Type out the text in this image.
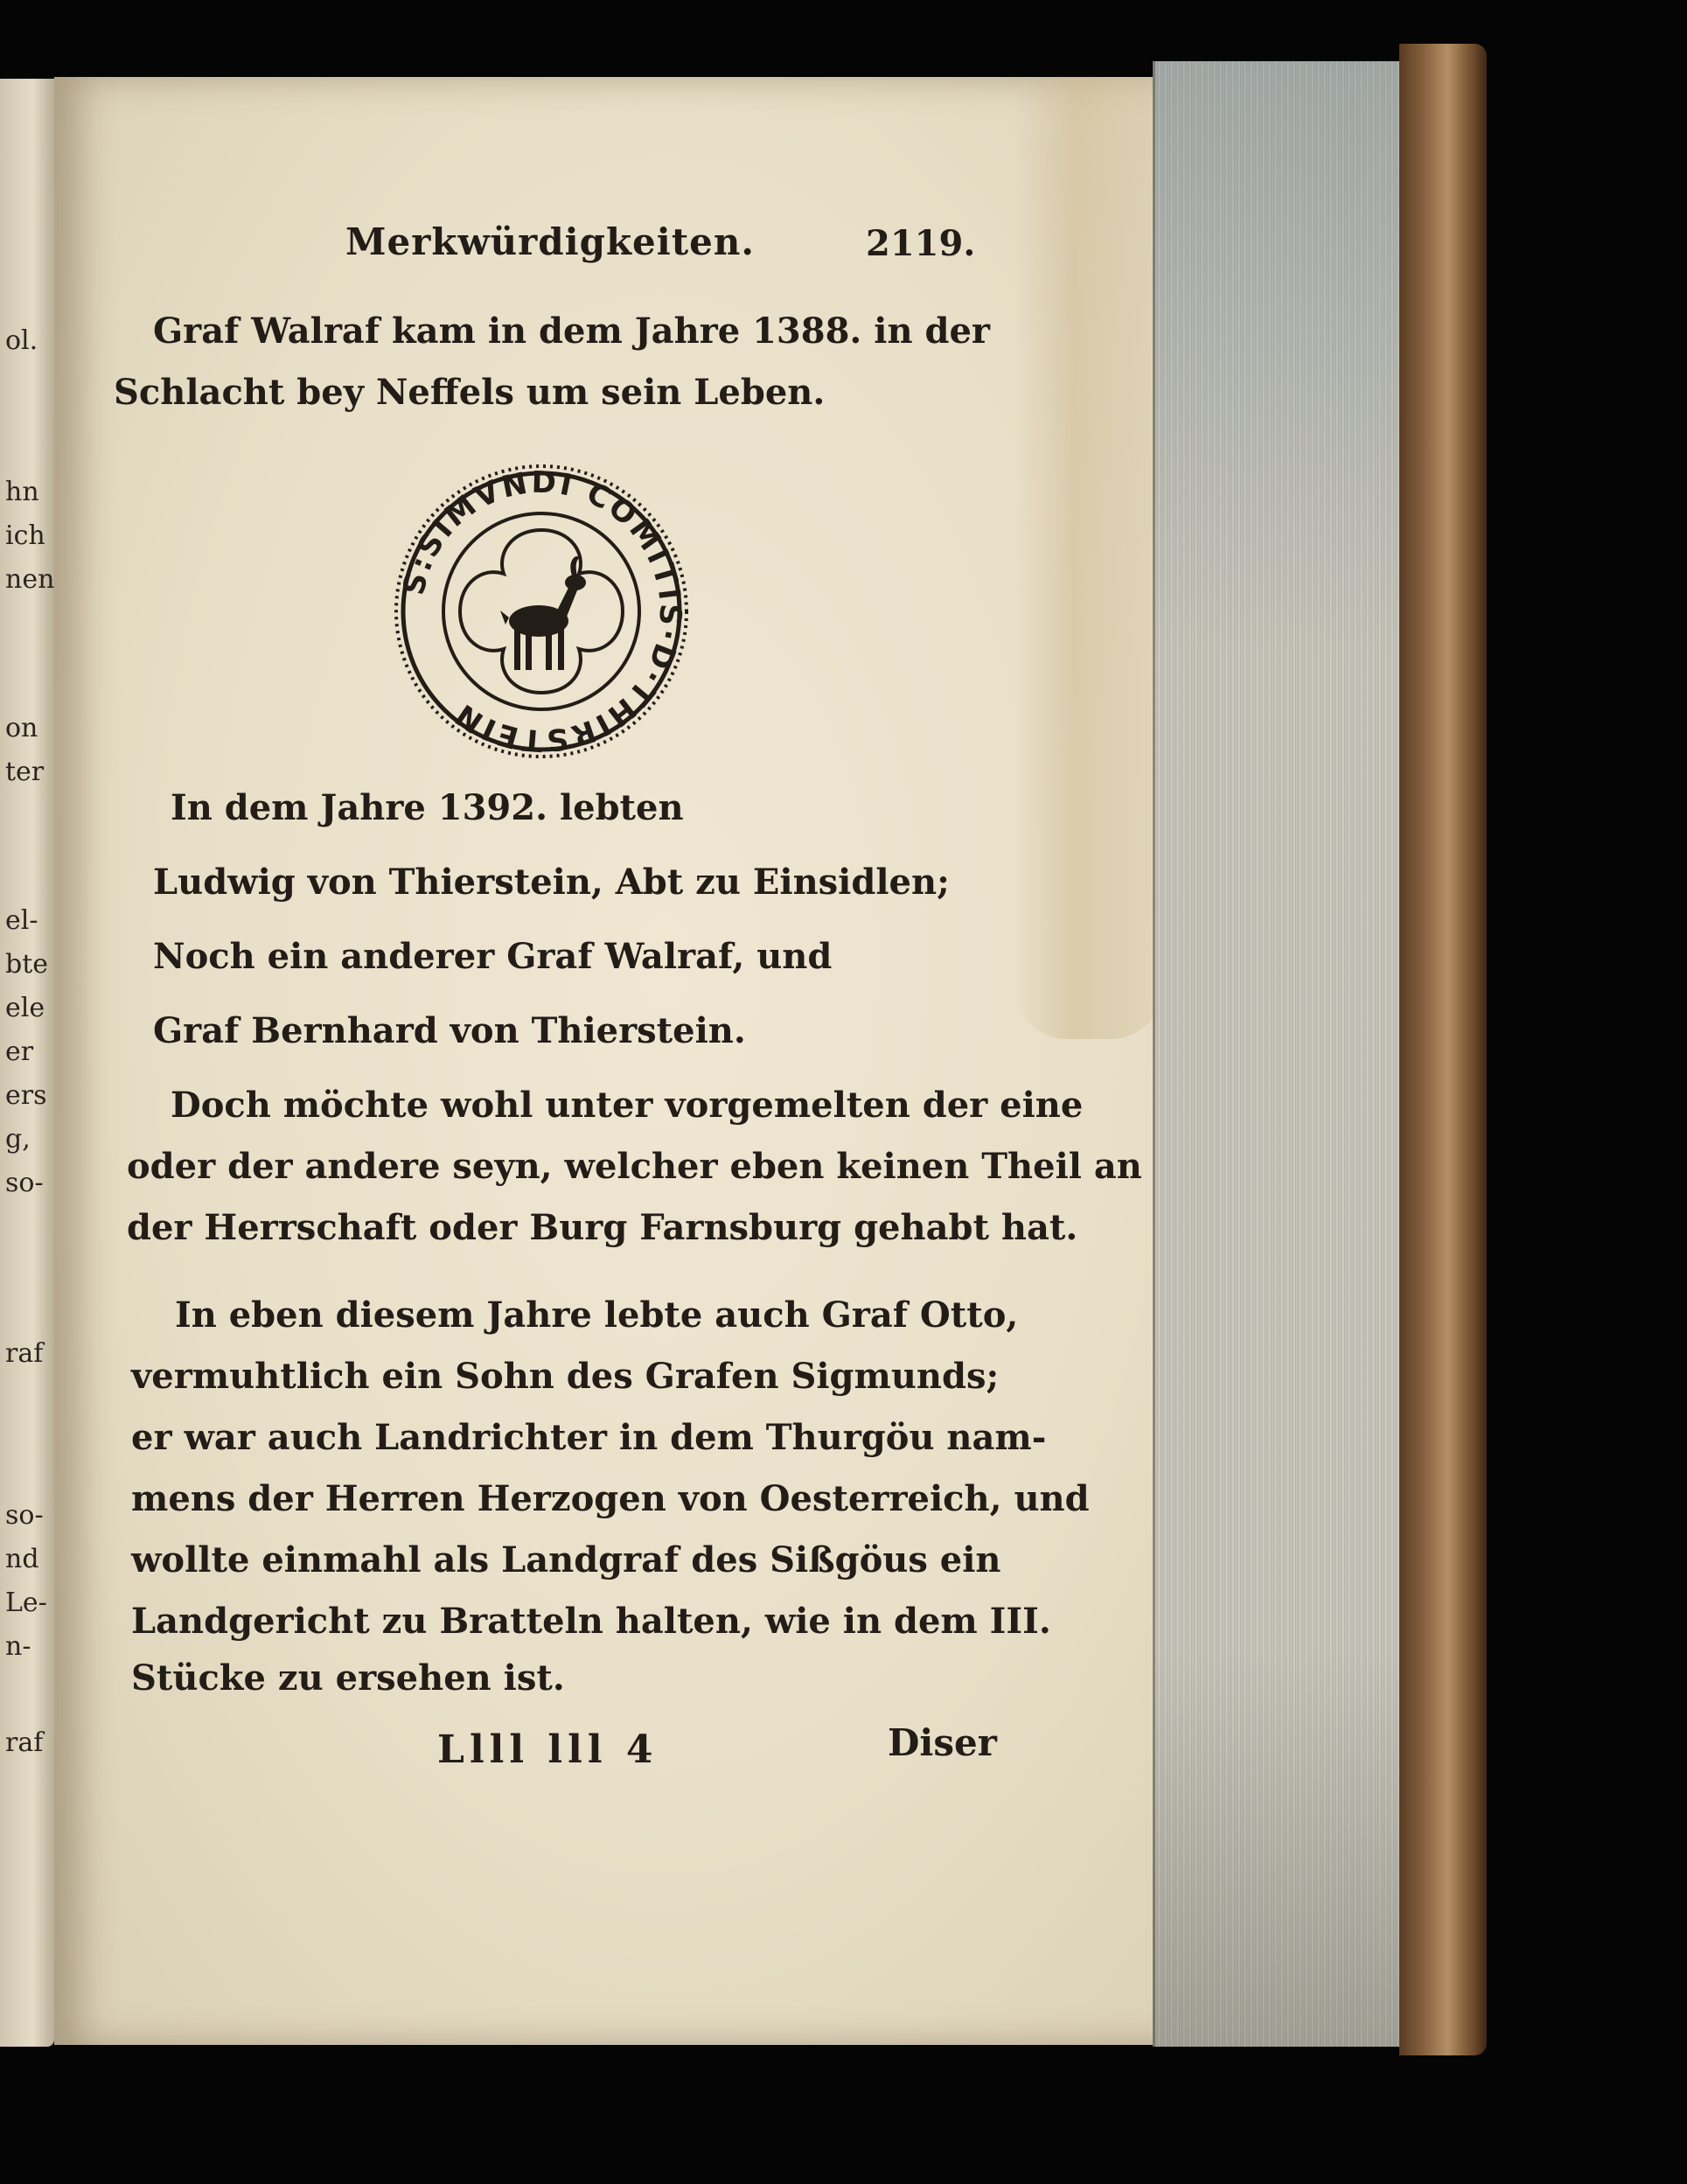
ol.
hn
ich
nen
on
ter
el-
bte
ele
er
ers
g,
so-
raf
so-
nd
Le-
n-
raf
Merkwürdigkeiten.	2119.
Graf Walraf kam in dem Jahre 1388. in der
Schlacht bey Neffels um sein Leben.
S:SIMVNDI COMITIS·D·THIRSTEIN
In dem Jahre 1392. lebten
Ludwig von Thierstein, Abt zu Einsidlen;
Noch ein anderer Graf Walraf, und
Graf Bernhard von Thierstein.
Doch möchte wohl unter vorgemelten der eine
oder der andere seyn, welcher eben keinen Theil an
der Herrschaft oder Burg Farnsburg gehabt hat.
In eben diesem Jahre lebte auch Graf Otto,
vermuhtlich ein Sohn des Grafen Sigmunds;
er war auch Landrichter in dem Thurgöu nam-
mens der Herren Herzogen von Oesterreich, und
wollte einmahl als Landgraf des Sißgöus ein
Landgericht zu Bratteln halten, wie in dem III.
Stücke zu ersehen ist.
Llll lll 4	Diser
